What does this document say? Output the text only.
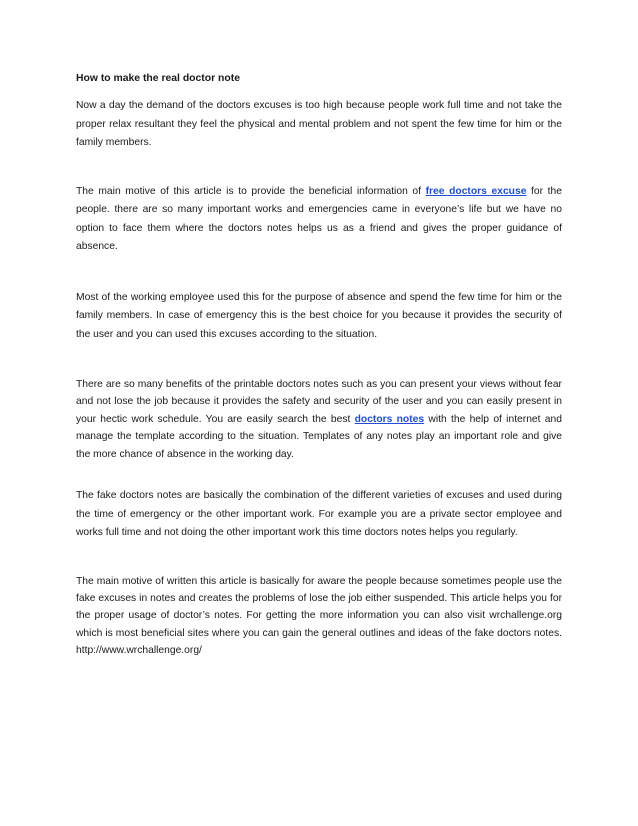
How to make the real doctor note

Now a day the demand of the doctors excuses is too high because people work full time and not take the proper relax resultant they feel the physical and mental problem and not spent the few time for him or the family members.

The main motive of this article is to provide the beneficial information of free doctors excuse for the people. there are so many important works and emergencies came in everyone’s life but we have no option to face them where the doctors notes helps us as a friend and gives the proper guidance of absence.

Most of the working employee used this for the purpose of absence and spend the few time for him or the family members. In case of emergency this is the best choice for you because it provides the security of the user and you can used this excuses according to the situation.

There are so many benefits of the printable doctors notes such as you can present your views without fear and not lose the job because it provides the safety and security of the user and you can easily present in your hectic work schedule. You are easily search the best doctors notes with the help of internet and manage the template according to the situation. Templates of any notes play an important role and give the more chance of absence in the working day.

The fake doctors notes are basically the combination of the different varieties of excuses and used during the time of emergency or the other important work. For example you are a private sector employee and works full time and not doing the other important work this time doctors notes helps you regularly.

The main motive of written this article is basically for aware the people because sometimes people use the fake excuses in notes and creates the problems of lose the job either suspended. This article helps you for the proper usage of doctor’s notes. For getting the more information you can also visit wrchallenge.org which is most beneficial sites where you can gain the general outlines and ideas of the fake doctors notes. http://www.wrchallenge.org/
